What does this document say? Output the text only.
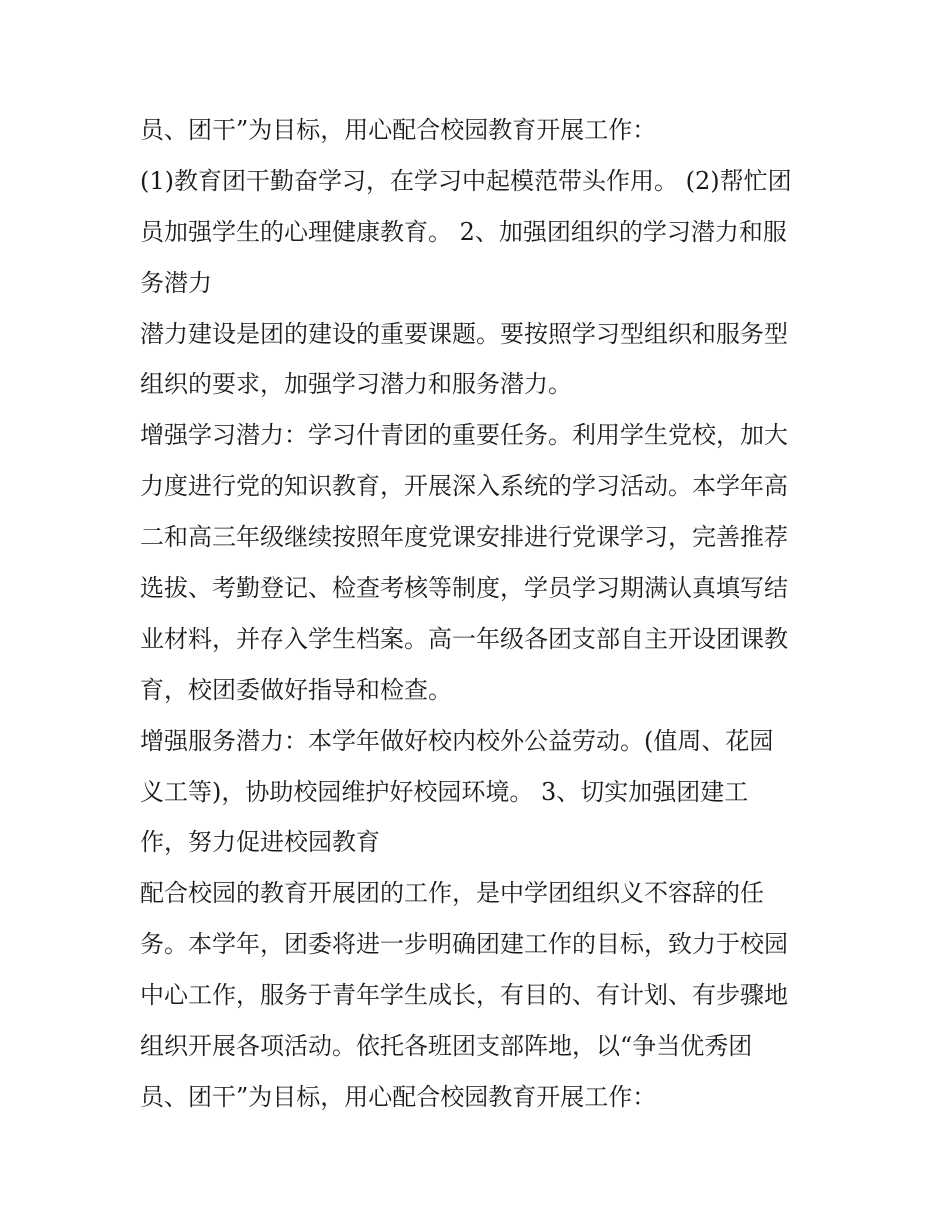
员、团干”为目标，用心配合校园教育开展工作：
(1)教育团干勤奋学习，在学习中起模范带头作用。 (2)帮忙团
员加强学生的心理健康教育。 2、加强团组织的学习潜力和服
务潜力
潜力建设是团的建设的重要课题。要按照学习型组织和服务型
组织的要求，加强学习潜力和服务潜力。
增强学习潜力：学习什青团的重要任务。利用学生党校，加大
力度进行党的知识教育，开展深入系统的学习活动。本学年高
二和高三年级继续按照年度党课安排进行党课学习，完善推荐
选拔、考勤登记、检查考核等制度，学员学习期满认真填写结
业材料，并存入学生档案。高一年级各团支部自主开设团课教
育，校团委做好指导和检查。
增强服务潜力：本学年做好校内校外公益劳动。(值周、花园
义工等)，协助校园维护好校园环境。 3、切实加强团建工
作，努力促进校园教育
配合校园的教育开展团的工作，是中学团组织义不容辞的任
务。本学年，团委将进一步明确团建工作的目标，致力于校园
中心工作，服务于青年学生成长，有目的、有计划、有步骤地
组织开展各项活动。依托各班团支部阵地，以“争当优秀团
员、团干”为目标，用心配合校园教育开展工作：
